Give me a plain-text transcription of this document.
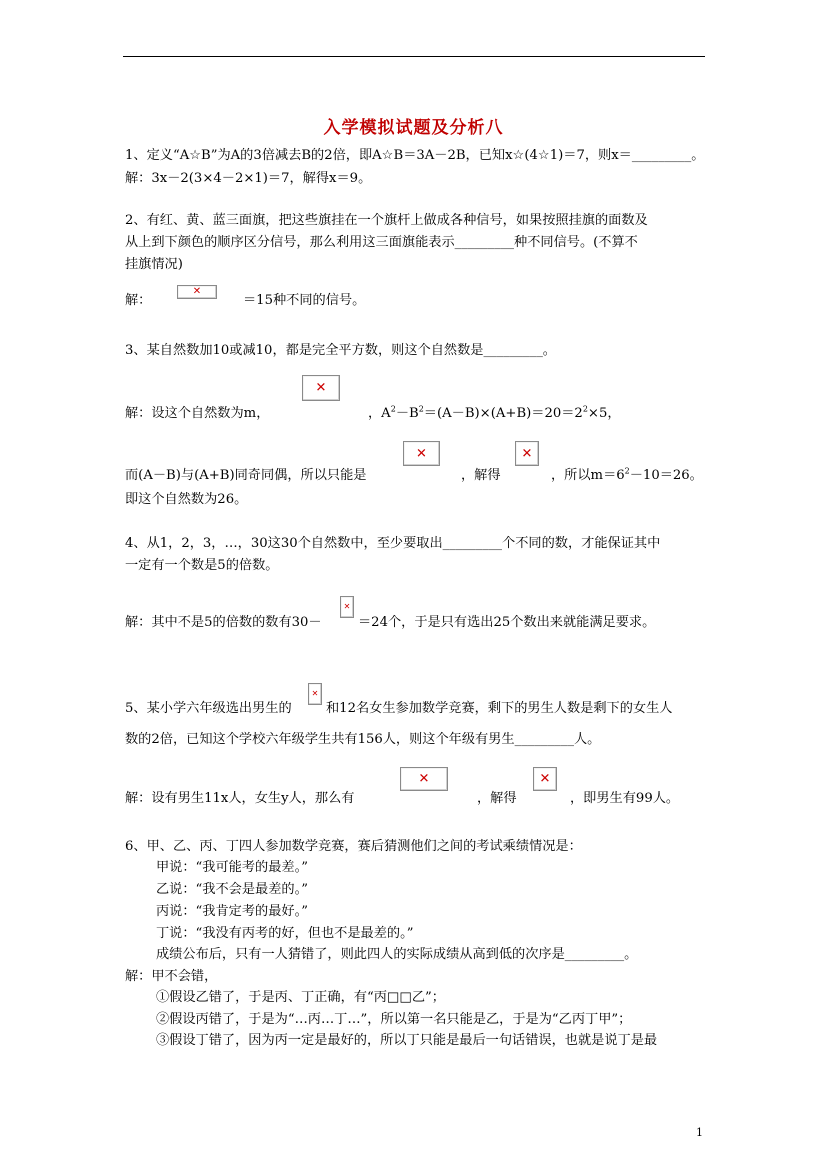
入学模拟试题及分析八
1、定义“A☆B”为A的3倍减去B的2倍，即A☆B＝3A－2B，已知x☆(4☆1)＝7，则x＝_________。
解：3x－2(3×4－2×1)＝7，解得x＝9。
2、有红、黄、蓝三面旗，把这些旗挂在一个旗杆上做成各种信号，如果按照挂旗的面数及
从上到下颜色的顺序区分信号，那么利用这三面旗能表示_________种不同信号。(不算不
挂旗情况)
解：
✕
＝15种不同的信号。
3、某自然数加10或减10，都是完全平方数，则这个自然数是_________。
✕
解：设这个自然数为m，	，$A^2-B^2=(A-B)\times(A+B)=20=2^2\times 5$，
✕	✕
而(A－B)与(A+B)同奇同偶，所以只能是	，解得	，所以$m=6^2-10=26$。
即这个自然数为26。
4、从1，2，3，…，30这30个自然数中，至少要取出_________个不同的数，才能保证其中
一定有一个数是5的倍数。
✕
解：其中不是5的倍数的数有30－	＝24个，于是只有选出25个数出来就能满足要求。
✕
5、某小学六年级选出男生的	和12名女生参加数学竞赛，剩下的男生人数是剩下的女生人
数的2倍，已知这个学校六年级学生共有156人，则这个年级有男生_________人。
✕	✕
解：设有男生11x人，女生y人，那么有	，解得	，即男生有99人。
6、甲、乙、丙、丁四人参加数学竞赛，赛后猜测他们之间的考试乘绩情况是：
甲说：“我可能考的最差。”
乙说：“我不会是最差的。”
丙说：“我肯定考的最好。”
丁说：“我没有丙考的好，但也不是最差的。”
成绩公布后，只有一人猜错了，则此四人的实际成绩从高到低的次序是_________。
解：甲不会错，
①假设乙错了，于是丙、丁正确，有“丙□□乙”；
②假设丙错了，于是为“…丙…丁…”，所以第一名只能是乙，于是为“乙丙丁甲”；
③假设丁错了，因为丙一定是最好的，所以丁只能是最后一句话错误，也就是说丁是最
1
